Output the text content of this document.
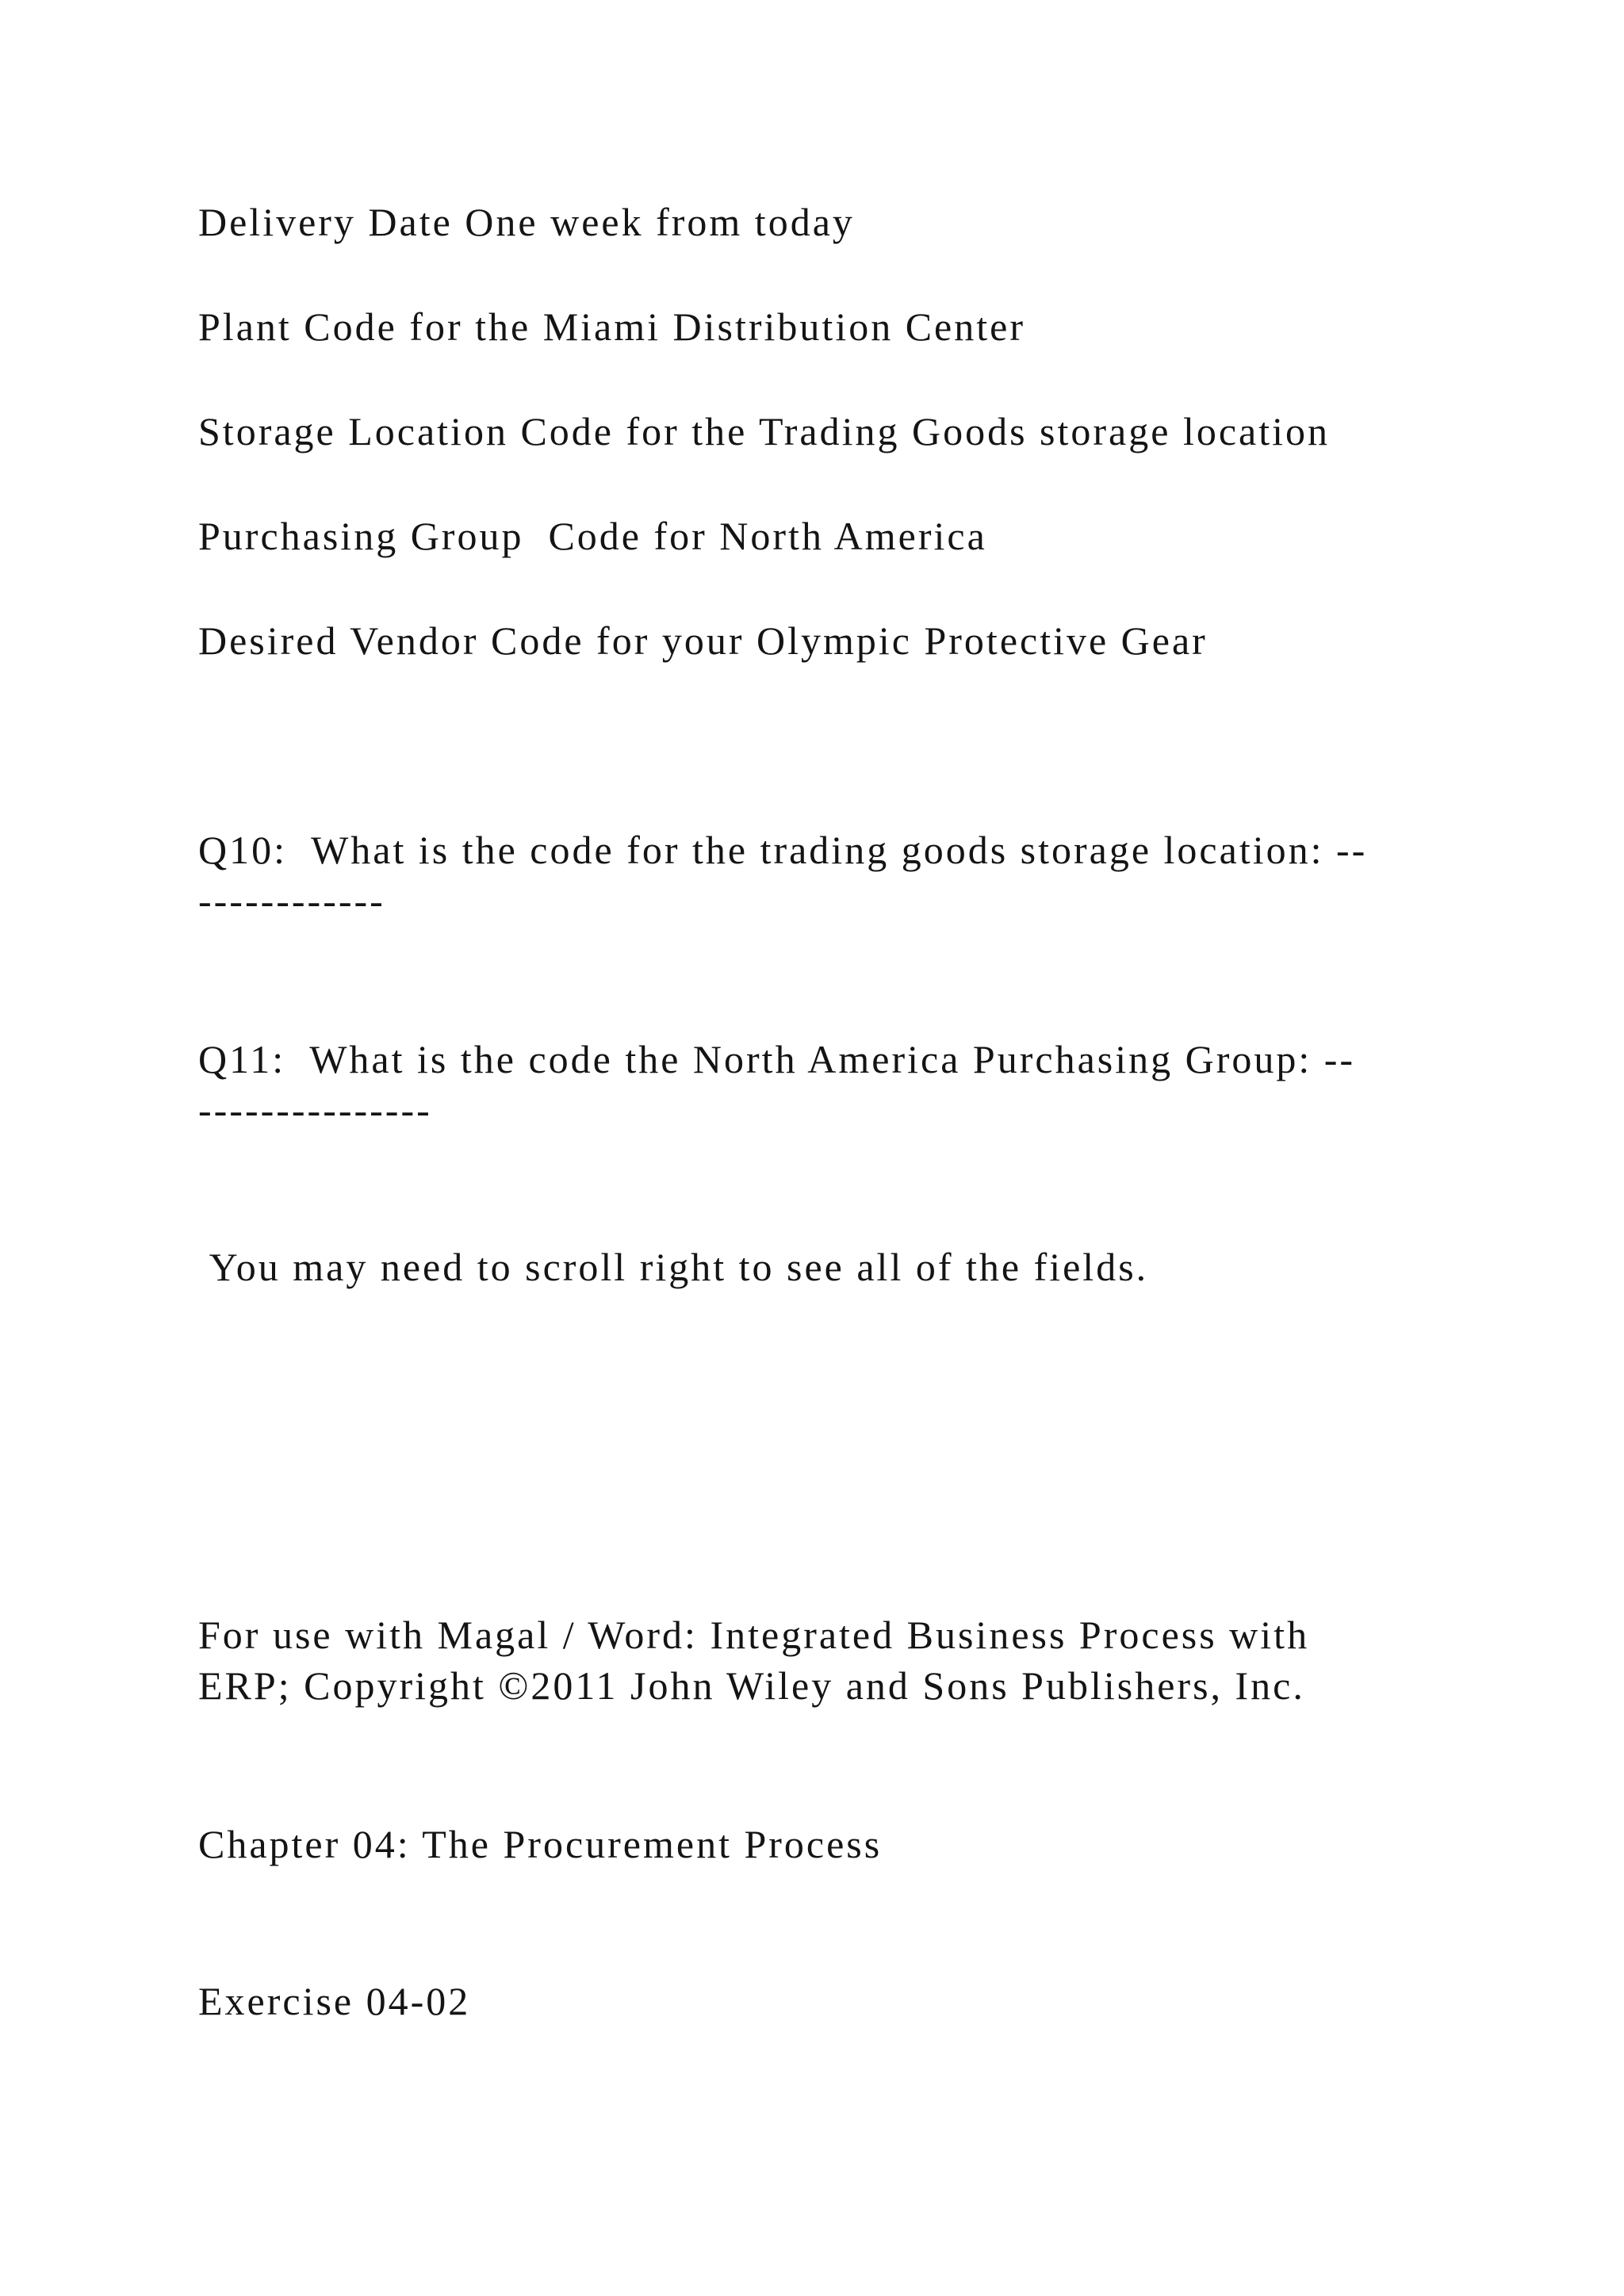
Delivery Date One week from today

Plant Code for the Miami Distribution Center

Storage Location Code for the Trading Goods storage location

Purchasing Group  Code for North America

Desired Vendor Code for your Olympic Protective Gear

Q10:  What is the code for the trading goods storage location: --
------------
Q11:  What is the code the North America Purchasing Group: --
---------------

You may need to scroll right to see all of the fields.

For use with Magal / Word: Integrated Business Process with
ERP; Copyright ©2011 John Wiley and Sons Publishers, Inc.

Chapter 04: The Procurement Process

Exercise 04-02
